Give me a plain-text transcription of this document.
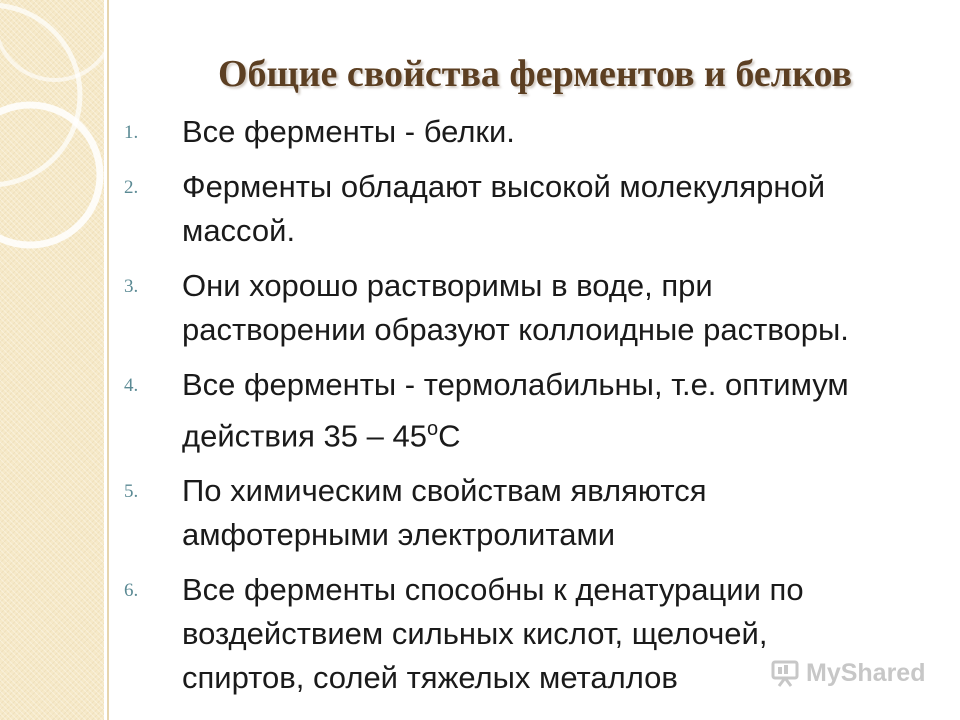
Общие свойства ферментов и белков
1.	Все ферменты - белки.
2.	Ферменты обладают высокой молекулярной
массой.
3.	Они хорошо растворимы в воде, при
растворении образуют коллоидные растворы.
4.	Все ферменты - термолабильны, т.е. оптимум
действия $35 - 45^оС$
5.	По химическим свойствам являются
амфотерными электролитами
6.	Все ферменты способны к денатурации по
воздействием сильных кислот, щелочей,
спиртов, солей тяжелых металлов	MyShared
